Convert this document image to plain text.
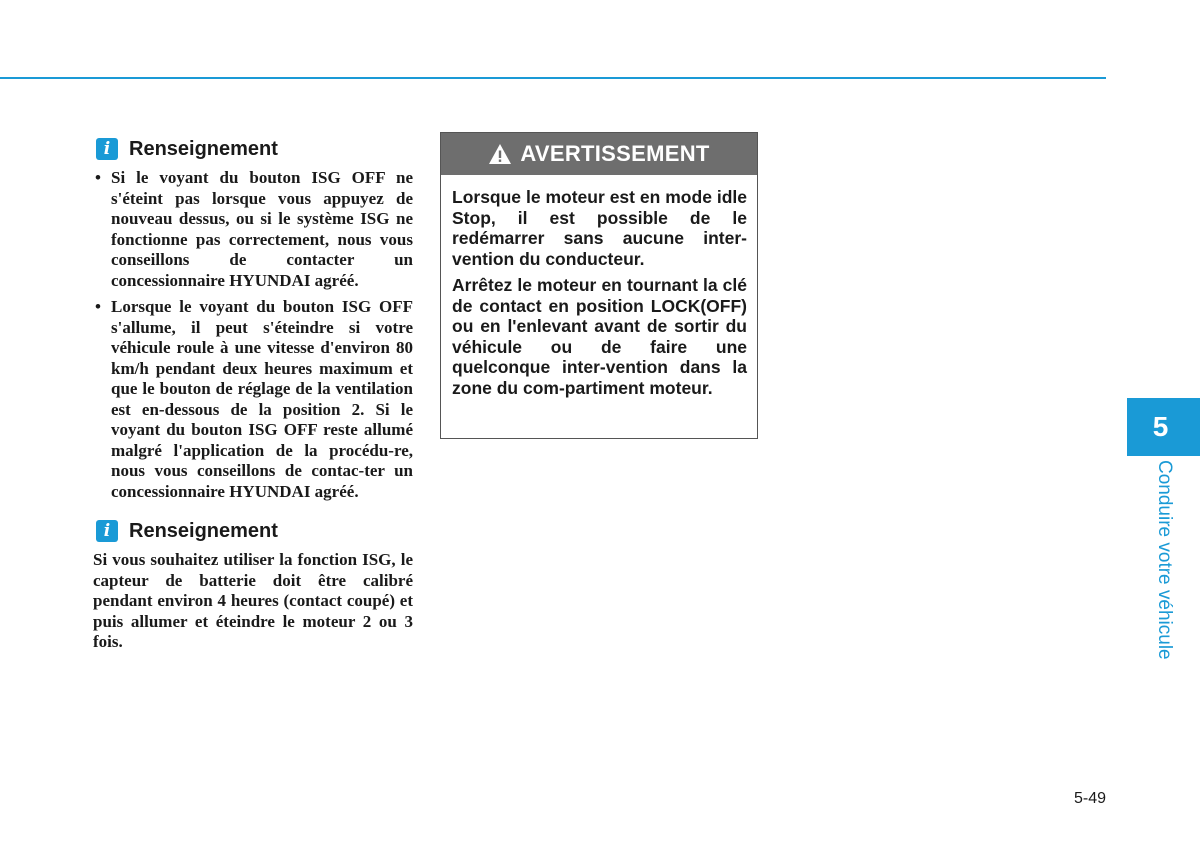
i Renseignement
• Si le voyant du bouton ISG OFF ne s'éteint pas lorsque vous appuyez de nouveau dessus, ou si le système ISG ne fonctionne pas correctement, nous vous conseillons de contacter un concessionnaire HYUNDAI agréé.
• Lorsque le voyant du bouton ISG OFF s'allume, il peut s'éteindre si votre véhicule roule à une vitesse d'environ 80 km/h pendant deux heures maximum et que le bouton de réglage de la ventilation est en-dessous de la position 2. Si le voyant du bouton ISG OFF reste allumé malgré l'application de la procédu-re, nous vous conseillons de contac-ter un concessionnaire HYUNDAI agréé.
i Renseignement

Si vous souhaitez utiliser la fonction ISG, le capteur de batterie doit être calibré pendant environ 4 heures (contact coupé) et puis allumer et éteindre le moteur 2 ou 3 fois.

AVERTISSEMENT

Lorsque le moteur est en mode idle Stop, il est possible de le redémarrer sans aucune inter-vention du conducteur.

Arrêtez le moteur en tournant la clé de contact en position LOCK(OFF) ou en l'enlevant avant de sortir du véhicule ou de faire une quelconque inter-vention dans la zone du com-partiment moteur.

5
Conduire votre véhicule
5-49
